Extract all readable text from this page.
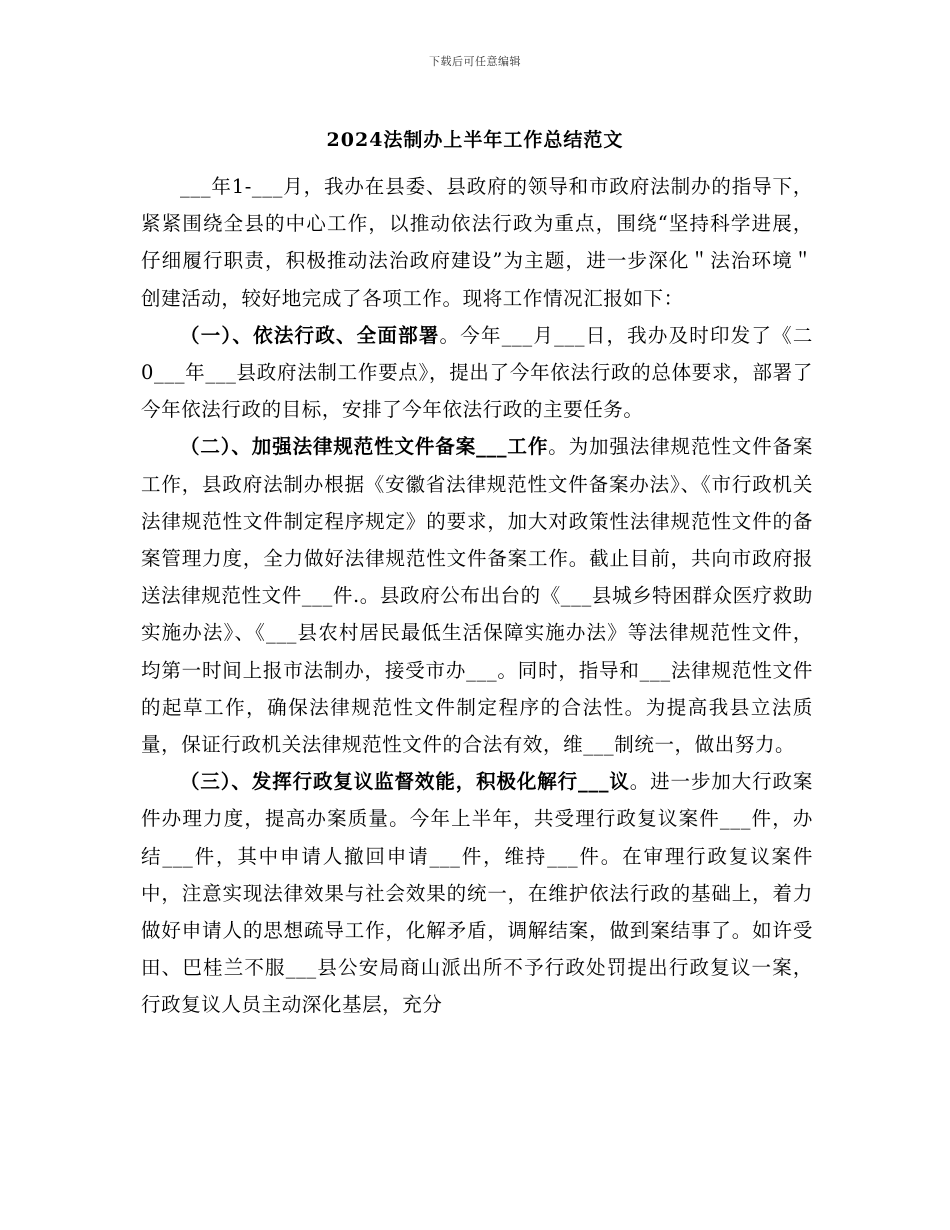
下载后可任意编辑
2024法制办上半年工作总结范文

___年1-___月，我办在县委、县政府的领导和市政府法制办的指导下，紧紧围绕全县的中心工作，以推动依法行政为重点，围绕“坚持科学进展，仔细履行职责，积极推动法治政府建设”为主题，进一步深化＂法治环境＂创建活动，较好地完成了各项工作。现将工作情况汇报如下：

（一）、依法行政、全面部署。今年___月___日，我办及时印发了《二0___年___县政府法制工作要点》，提出了今年依法行政的总体要求，部署了今年依法行政的目标，安排了今年依法行政的主要任务。

（二）、加强法律规范性文件备案___工作。为加强法律规范性文件备案工作，县政府法制办根据《安徽省法律规范性文件备案办法》、《市行政机关法律规范性文件制定程序规定》的要求，加大对政策性法律规范性文件的备案管理力度，全力做好法律规范性文件备案工作。截止目前，共向市政府报送法律规范性文件___件.。县政府公布出台的《___县城乡特困群众医疗救助实施办法》、《___县农村居民最低生活保障实施办法》等法律规范性文件，均第一时间上报市法制办，接受市办___。同时，指导和___法律规范性文件的起草工作，确保法律规范性文件制定程序的合法性。为提高我县立法质量，保证行政机关法律规范性文件的合法有效，维___制统一，做出努力。

（三）、发挥行政复议监督效能，积极化解行___议。进一步加大行政案件办理力度，提高办案质量。今年上半年，共受理行政复议案件___件，办结___件，其中申请人撤回申请___件，维持___件。在审理行政复议案件中，注意实现法律效果与社会效果的统一，在维护依法行政的基础上，着力做好申请人的思想疏导工作，化解矛盾，调解结案，做到案结事了。如许受田、巴桂兰不服___县公安局商山派出所不予行政处罚提出行政复议一案，行政复议人员主动深化基层，充分
